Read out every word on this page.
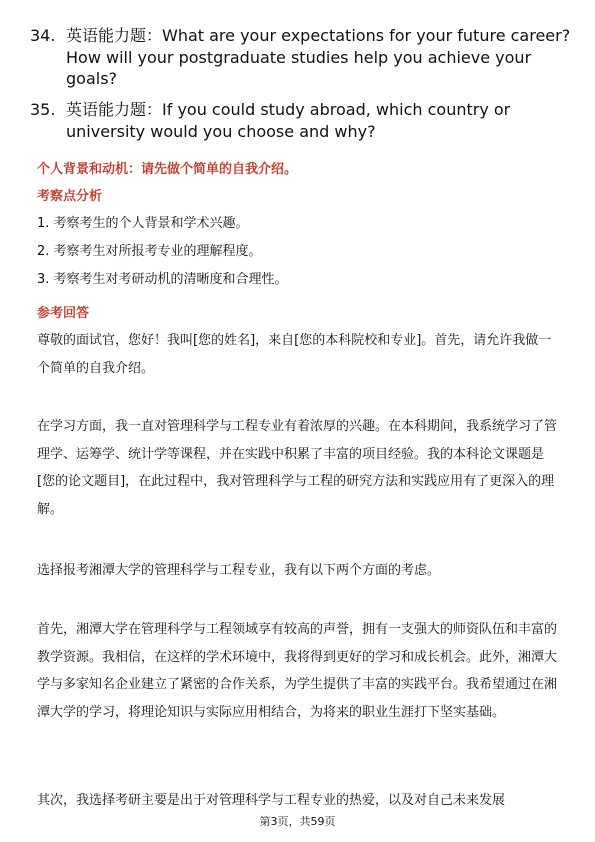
34. 英语能力题：What are your expectations for your future career? How will your postgraduate studies help you achieve your goals?
35. 英语能力题：If you could study abroad, which country or university would you choose and why?
个人背景和动机：请先做个简单的自我介绍。
考察点分析
1. 考察考生的个人背景和学术兴趣。
2. 考察考生对所报考专业的理解程度。
3. 考察考生对考研动机的清晰度和合理性。
参考回答
尊敬的面试官，您好！我叫[您的姓名]，来自[您的本科院校和专业]。首先，请允许我做一个简单的自我介绍。
在学习方面，我一直对管理科学与工程专业有着浓厚的兴趣。在本科期间，我系统学习了管理学、运筹学、统计学等课程，并在实践中积累了丰富的项目经验。我的本科论文课题是[您的论文题目]，在此过程中，我对管理科学与工程的研究方法和实践应用有了更深入的理解。
选择报考湘潭大学的管理科学与工程专业，我有以下两个方面的考虑。
首先，湘潭大学在管理科学与工程领域享有较高的声誉，拥有一支强大的师资队伍和丰富的教学资源。我相信，在这样的学术环境中，我将得到更好的学习和成长机会。此外，湘潭大学与多家知名企业建立了紧密的合作关系，为学生提供了丰富的实践平台。我希望通过在湘潭大学的学习，将理论知识与实际应用相结合，为将来的职业生涯打下坚实基础。
其次，我选择考研主要是出于对管理科学与工程专业的热爱，以及对自己未来发展
第3页，共59页
